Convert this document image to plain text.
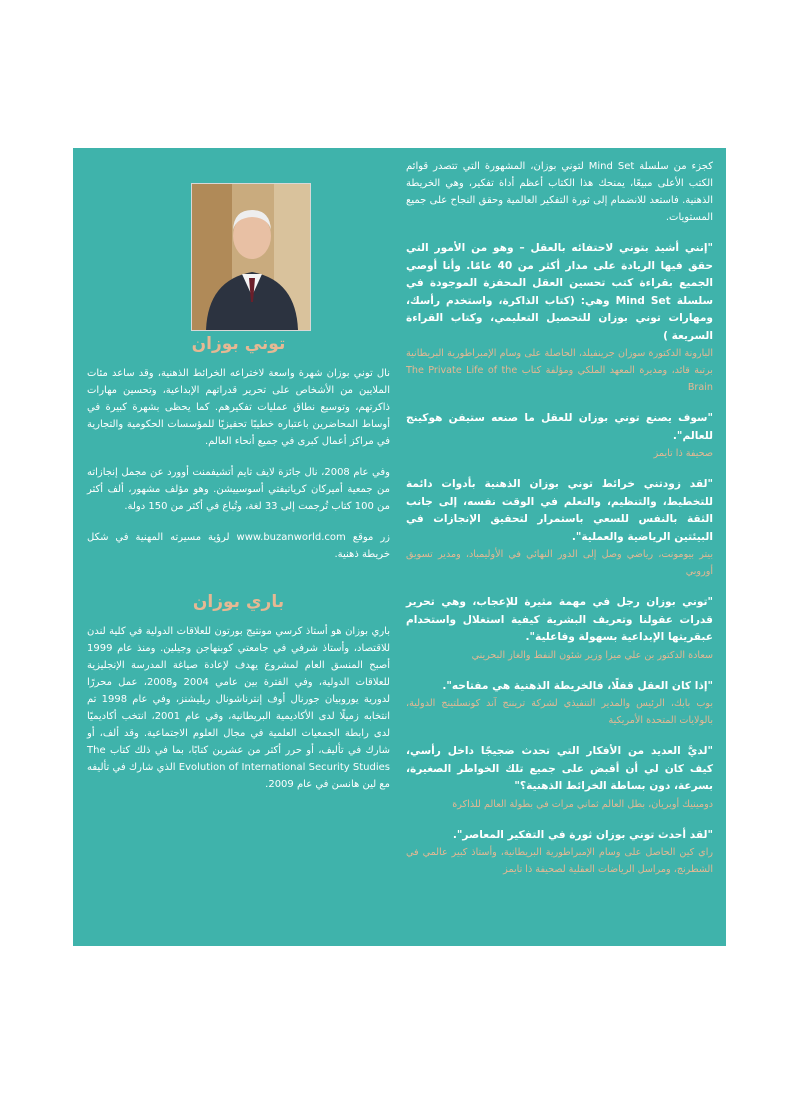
كجزء من سلسلة Mind Set لتوني بوزان، المشهورة التي تتصدر قوائم الكتب الأعلى مبيعًا، يمنحك هذا الكتاب أعظم أداة تفكير، وهي الخريطة الذهنية. فاستعد للانضمام إلى ثورة التفكير العالمية وحقق النجاح على جميع المستويات.

"إنني أشيد بتوني لاحتفائه بالعقل – وهو من الأمور التي حقق فيها الريادة على مدار أكثر من 40 عامًا. وأنا أوصي الجميع بقراءة كتب تحسين العقل المحفزة الموجودة في سلسلة Mind Set وهي: (كتاب الذاكرة، واستخدم رأسك، ومهارات توني بوزان للتحصيل التعليمي، وكتاب القراءة السريعة )
البارونة الدكتورة سوزان جرينفيلد، الحاصلة على وسام الإمبراطورية البريطانية برتبة قائد، ومديرة المعهد الملكي ومؤلفة كتاب The Private Life of the Brain
"سوف يصنع توني بوزان للعقل ما صنعه ستيفن هوكينج للعالم".
صحيفة ذا تايمز
"لقد زودتني خرائط توني بوزان الذهنية بأدوات دائمة للتخطيط، والتنظيم، والتعلم في الوقت نفسه، إلى جانب الثقة بالنفس للسعي باستمرار لتحقيق الإنجازات في البيئتين الرياضية والعملية".
بيتر بيومونت، رياضي وصل إلى الدور النهائي في الأوليمباد، ومدير تسويق أوروبي
"توني بوزان رجل في مهمة مثيرة للإعجاب، وهي تحرير قدرات عقولنا وتعريف البشرية كيفية استغلال واستخدام عبقريتها الإبداعية بسهولة وفاعلية".
سعادة الدكتور بن علي ميزا وزير شئون النفط والغاز البحريني
"إذا كان العقل قفلًا، فالخريطة الذهنية هي مفتاحه".
بوب بابك، الرئيس والمدير التنفيذي لشركة تريننج آند كونسلتينج الدولية، بالولايات المتحدة الأمريكية
"لديَّ العديد من الأفكار التي تحدث ضجيجًا داخل رأسي، كيف كان لي أن أقبض على جميع تلك الخواطر الصغيرة، بسرعة، دون بساطة الخرائط الذهنية؟"
دومينيك أوبريان، بطل العالم ثماني مرات في بطولة العالم للذاكرة
"لقد أحدث توني بوزان ثورة في التفكير المعاصر".
راي كين الحاصل على وسام الإمبراطورية البريطانية، وأستاذ كبير عالمي في الشطرنج، ومراسل الرياضات العقلية لصحيفة ذا تايمز
توني بوزان

نال توني بوزان شهرة واسعة لاختراعه الخرائط الذهنية، وقد ساعد مئات الملايين من الأشخاص على تحرير قدراتهم الإبداعية، وتحسين مهارات ذاكرتهم، وتوسيع نطاق عمليات تفكيرهم. كما يحظى بشهرة كبيرة في أوساط المحاضرين باعتباره خطيبًا تحفيزيًا للمؤسسات الحكومية والتجارية في مراكز أعمال كبرى في جميع أنحاء العالم.

وفي عام 2008، نال جائزة لايف تايم أتشيفمنت أوورد عن مجمل إنجازاته من جمعية أميركان كرياتيفتي أسوسييشن. وهو مؤلف مشهور، ألف أكثر من 100 كتاب تُرجمت إلى 33 لغة، وتُباع في أكثر من 150 دولة.

زر موقع www.buzanworld.com لرؤية مسيرته المهنية في شكل خريطة ذهنية.

باري بوزان

باري بوزان هو أستاذ كرسي مونتيج بورتون للعلاقات الدولية في كلية لندن للاقتصاد، وأستاذ شرفي في جامعتي كوبنهاجن وجيلين. ومنذ عام 1999 أصبح المنسق العام لمشروع يهدف لإعادة صياغة المدرسة الإنجليزية للعلاقات الدولية، وفي الفترة بين عامي 2004 و2008، عمل محررًا لدورية يوروبيان جورنال أوف إنترناشونال ريليشنز، وفي عام 1998 تم انتخابه زميلًا لدى الأكاديمية البريطانية، وفي عام 2001، انتخب أكاديميًا لدى رابطة الجمعيات العلمية في مجال العلوم الاجتماعية. وقد ألف، أو شارك في تأليف، أو حرر أكثر من عشرين كتابًا، بما في ذلك كتاب The Evolution of International Security Studies الذي شارك في تأليفه مع لين هانسن في عام 2009.
